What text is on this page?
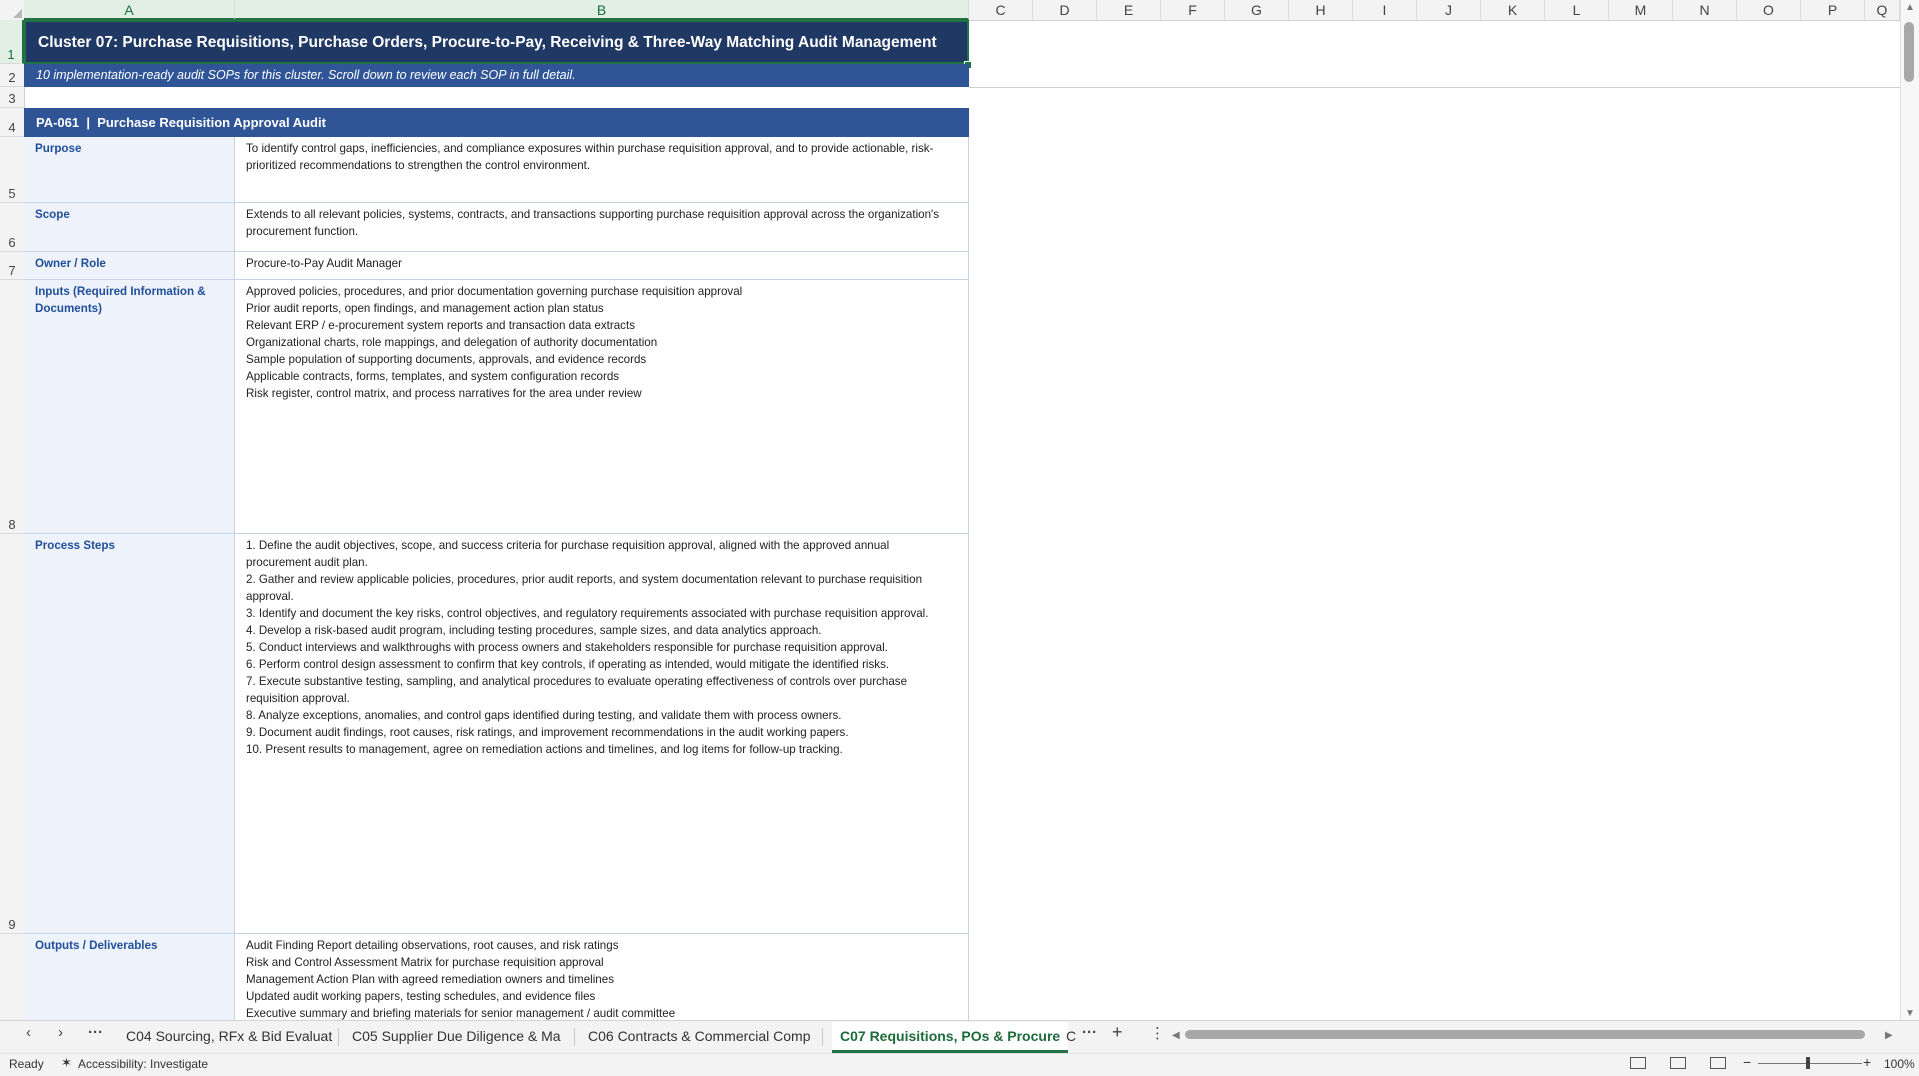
A	B	C	D	E	F	G	H	I	J	K	L	M	N	O	P	Q
1
2
3
4
5
6
7
8
9
Cluster 07: Purchase Requisitions, Purchase Orders, Procure-to-Pay, Receiving & Three-Way Matching Audit Management
10 implementation-ready audit SOPs for this cluster. Scroll down to review each SOP in full detail.
PA-061  |  Purchase Requisition Approval Audit
Purpose	To identify control gaps, inefficiencies, and compliance exposures within purchase requisition approval, and to provide actionable, risk-prioritized recommendations to strengthen the control environment.
Scope	Extends to all relevant policies, systems, contracts, and transactions supporting purchase requisition approval across the organization's procurement function.
Owner / Role	Procure-to-Pay Audit Manager
Inputs (Required Information & Documents)
Approved policies, procedures, and prior documentation governing purchase requisition approval
Prior audit reports, open findings, and management action plan status
Relevant ERP / e-procurement system reports and transaction data extracts
Organizational charts, role mappings, and delegation of authority documentation
Sample population of supporting documents, approvals, and evidence records
Applicable contracts, forms, templates, and system configuration records
Risk register, control matrix, and process narratives for the area under review
Process Steps	1. Define the audit objectives, scope, and success criteria for purchase requisition approval, aligned with the approved annual procurement audit plan.
2. Gather and review applicable policies, procedures, prior audit reports, and system documentation relevant to purchase requisition approval.
3. Identify and document the key risks, control objectives, and regulatory requirements associated with purchase requisition approval.
4. Develop a risk-based audit program, including testing procedures, sample sizes, and data analytics approach.
5. Conduct interviews and walkthroughs with process owners and stakeholders responsible for purchase requisition approval.
6. Perform control design assessment to confirm that key controls, if operating as intended, would mitigate the identified risks.
7. Execute substantive testing, sampling, and analytical procedures to evaluate operating effectiveness of controls over purchase requisition approval.
8. Analyze exceptions, anomalies, and control gaps identified during testing, and validate them with process owners.
9. Document audit findings, root causes, risk ratings, and improvement recommendations in the audit working papers.
10. Present results to management, agree on remediation actions and timelines, and log items for follow-up tracking.
Outputs / Deliverables	Audit Finding Report detailing observations, root causes, and risk ratings
Risk and Control Assessment Matrix for purchase requisition approval
Management Action Plan with agreed remediation owners and timelines
Updated audit working papers, testing schedules, and evidence files
Executive summary and briefing materials for senior management / audit committee
▲
▼
‹ › ··· C04 Sourcing, RFx & Bid Evaluat C05 Supplier Due Diligence & Ma C06 Contracts & Commercial Comp	C07 Requisitions, POs & Procure C ··· + ⋮ ◀	▶
Ready ✶ Accessibility: Investigate	−	+ 100%
